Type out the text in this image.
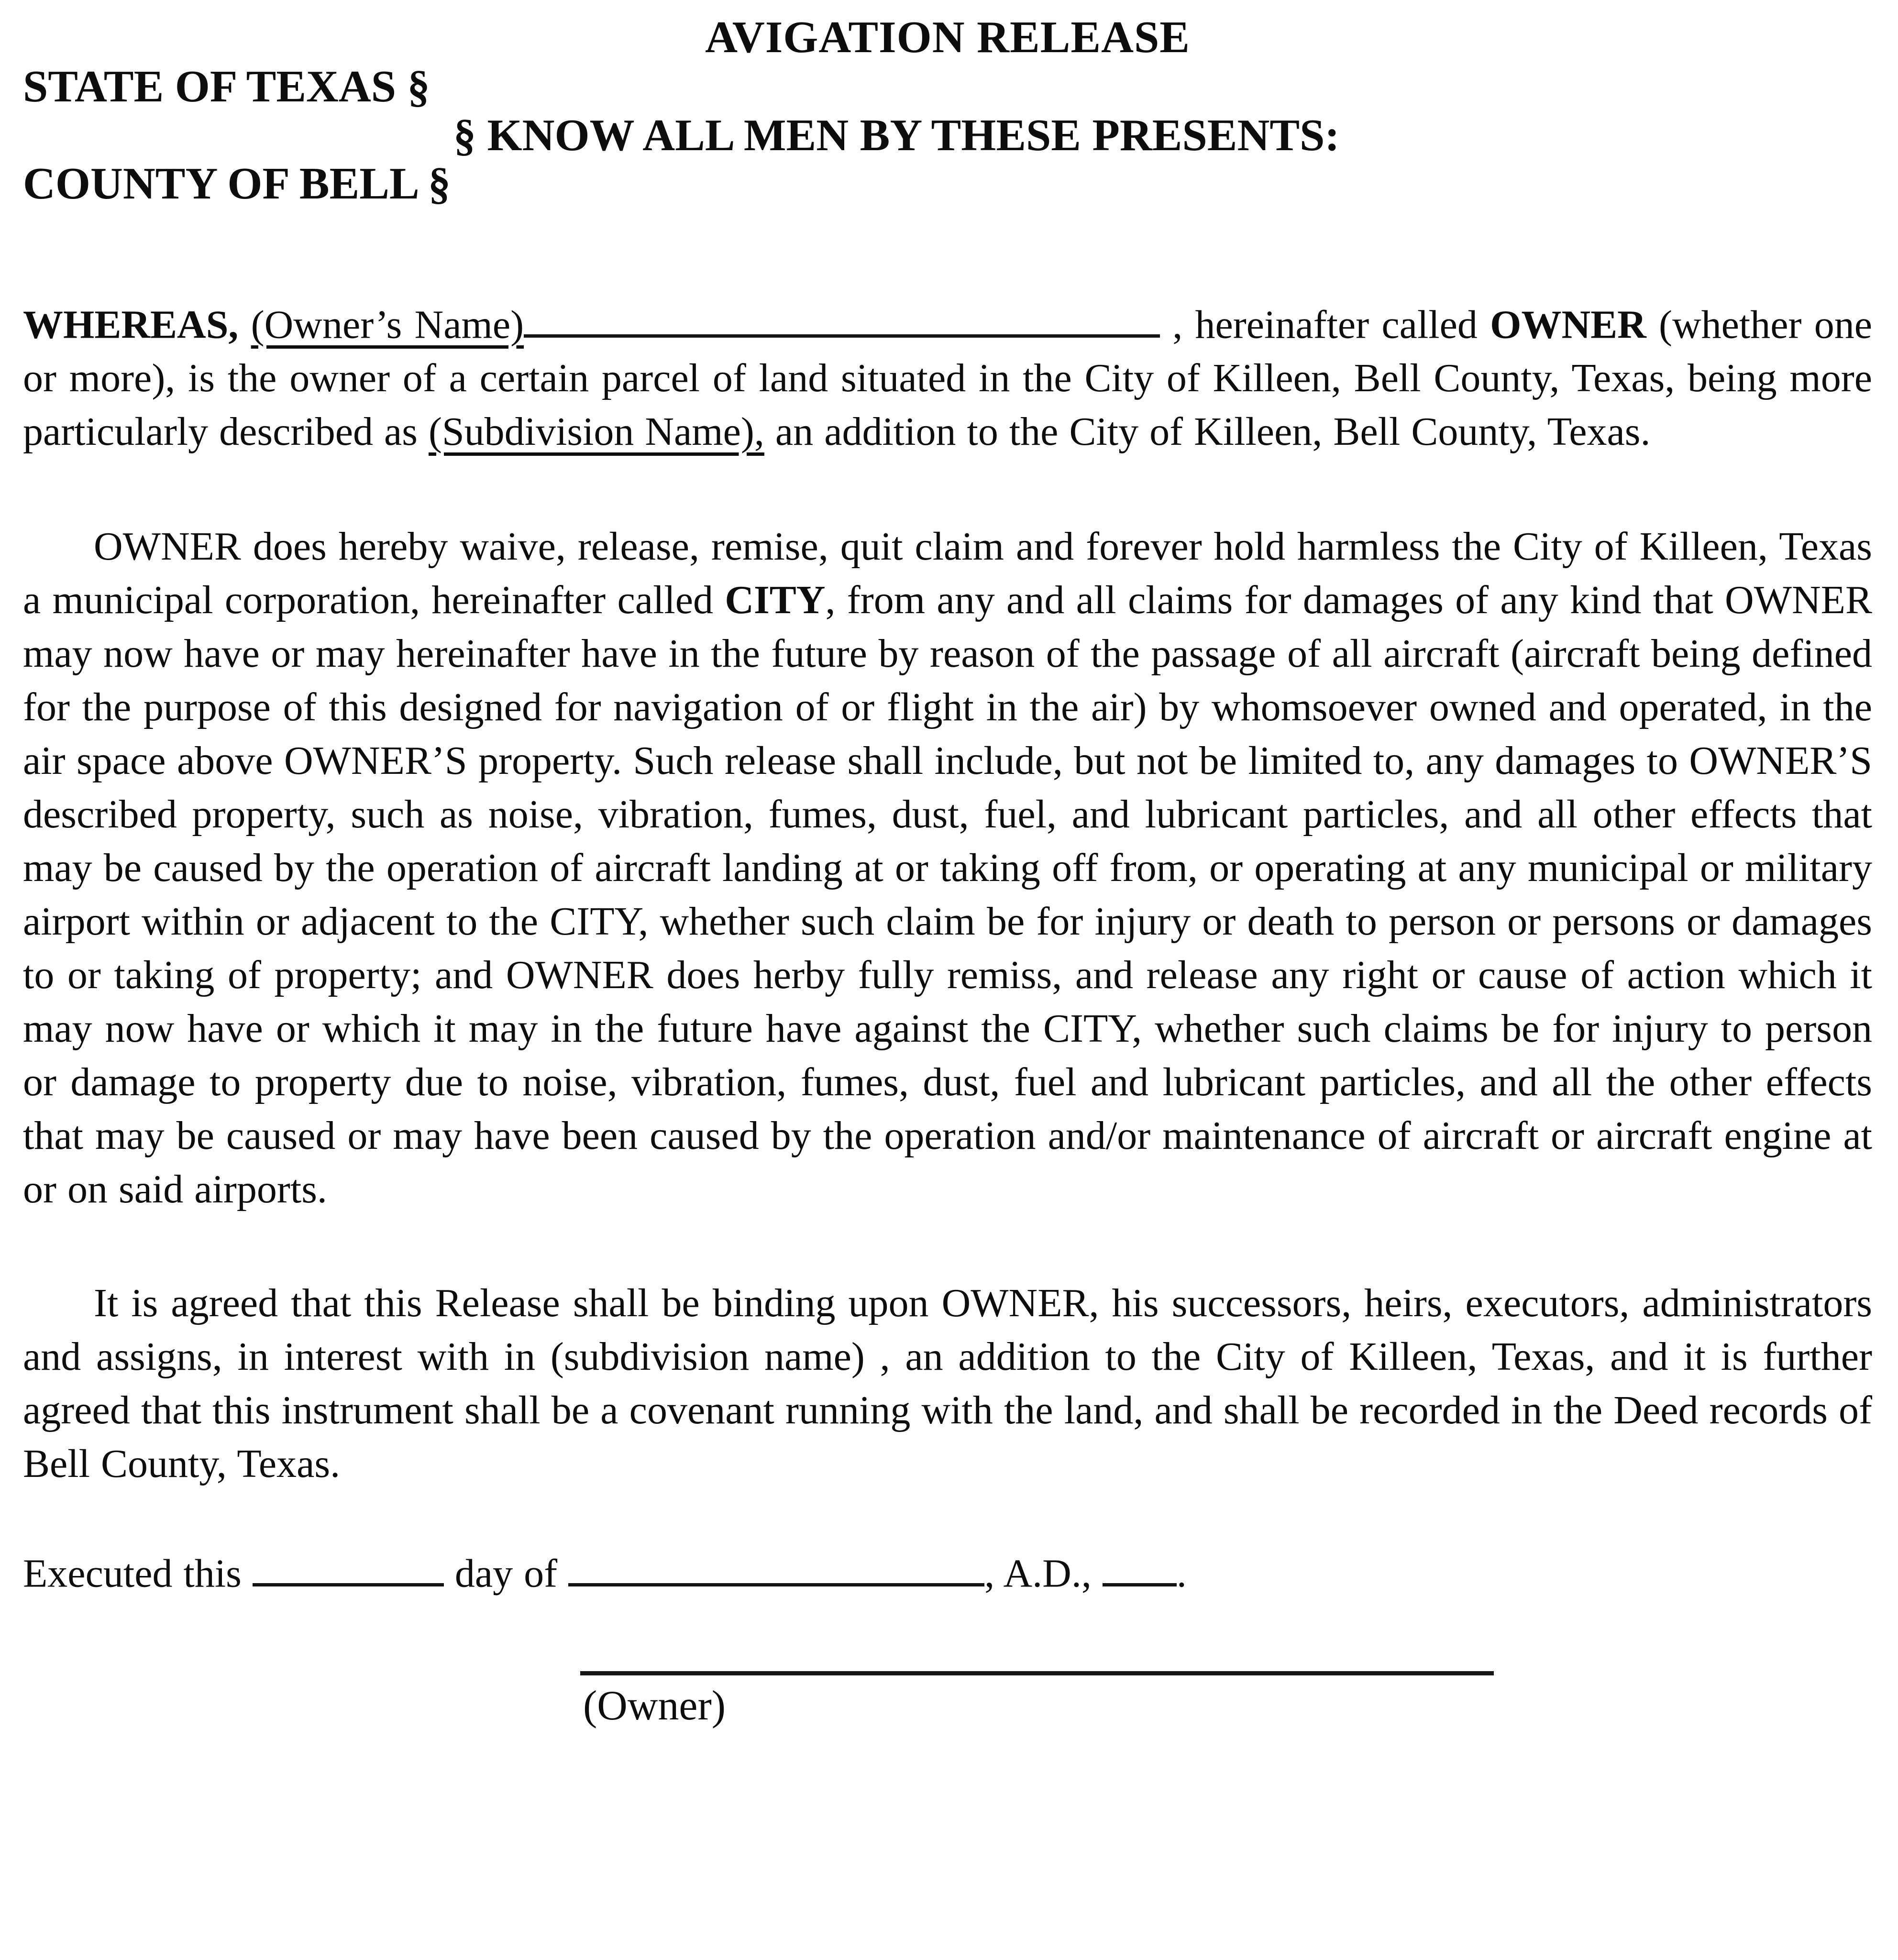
AVIGATION RELEASE
STATE OF TEXAS §
§ KNOW ALL MEN BY THESE PRESENTS:
COUNTY OF BELL §

WHEREAS, (Owner’s Name)	, hereinafter called OWNER (whether one or more), is the owner of a certain parcel of land situated in the City of Killeen, Bell County, Texas, being more particularly described as (Subdivision Name), an addition to the City of Killeen, Bell County, Texas.

OWNER does hereby waive, release, remise, quit claim and forever hold harmless the City of Killeen, Texas a municipal corporation, hereinafter called CITY, from any and all claims for damages of any kind that OWNER may now have or may hereinafter have in the future by reason of the passage of all aircraft (aircraft being defined for the purpose of this designed for navigation of or flight in the air) by whomsoever owned and operated, in the air space above OWNER’S property. Such release shall include, but not be limited to, any damages to OWNER’S described property, such as noise, vibration, fumes, dust, fuel, and lubricant particles, and all other effects that may be caused by the operation of aircraft landing at or taking off from, or operating at any municipal or military airport within or adjacent to the CITY, whether such claim be for injury or death to person or persons or damages to or taking of property; and OWNER does herby fully remiss, and release any right or cause of action which it may now have or which it may in the future have against the CITY, whether such claims be for injury to person or damage to property due to noise, vibration, fumes, dust, fuel and lubricant particles, and all the other effects that may be caused or may have been caused by the operation and/or maintenance of aircraft or aircraft engine at or on said airports.

It is agreed that this Release shall be binding upon OWNER, his successors, heirs, executors, administrators and assigns, in interest with in (subdivision name) , an addition to the City of Killeen, Texas, and it is further agreed that this instrument shall be a covenant running with the land, and shall be recorded in the Deed records of Bell County, Texas.

Executed this	day of	, A.D., .

(Owner)
